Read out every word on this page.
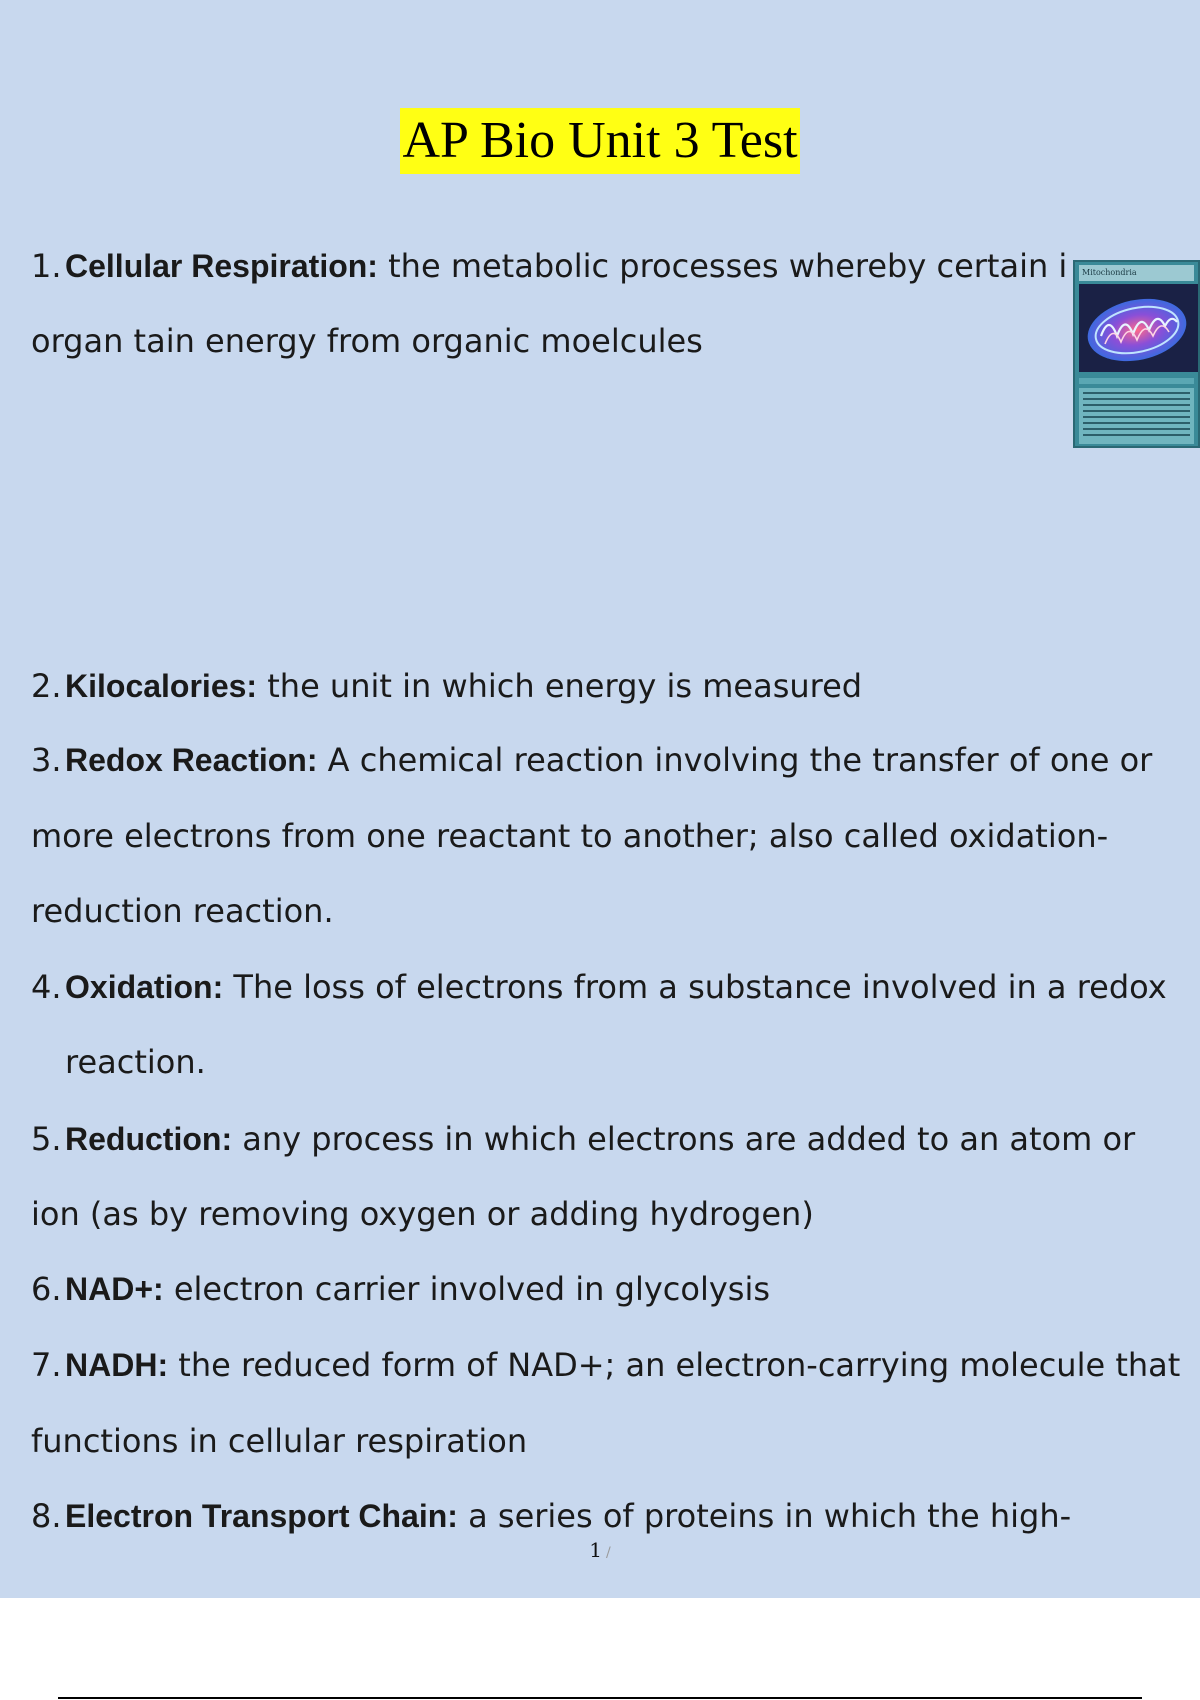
AP Bio Unit 3 Test
1. Cellular Respiration: the metabolic processes whereby certain i
organ tain energy from organic moelcules
Mitochondria
2. Kilocalories: the unit in which energy is measured
3. Redox Reaction: A chemical reaction involving the transfer of one or
more electrons from one reactant to another; also called oxidation-
reduction reaction.
4. Oxidation: The loss of electrons from a substance involved in a redox
reaction.
5. Reduction: any process in which electrons are added to an atom or
ion (as by removing oxygen or adding hydrogen)
6. NAD+: electron carrier involved in glycolysis
7. NADH: the reduced form of NAD+; an electron-carrying molecule that
functions in cellular respiration
8. Electron Transport Chain: a series of proteins in which the high-
1 /
